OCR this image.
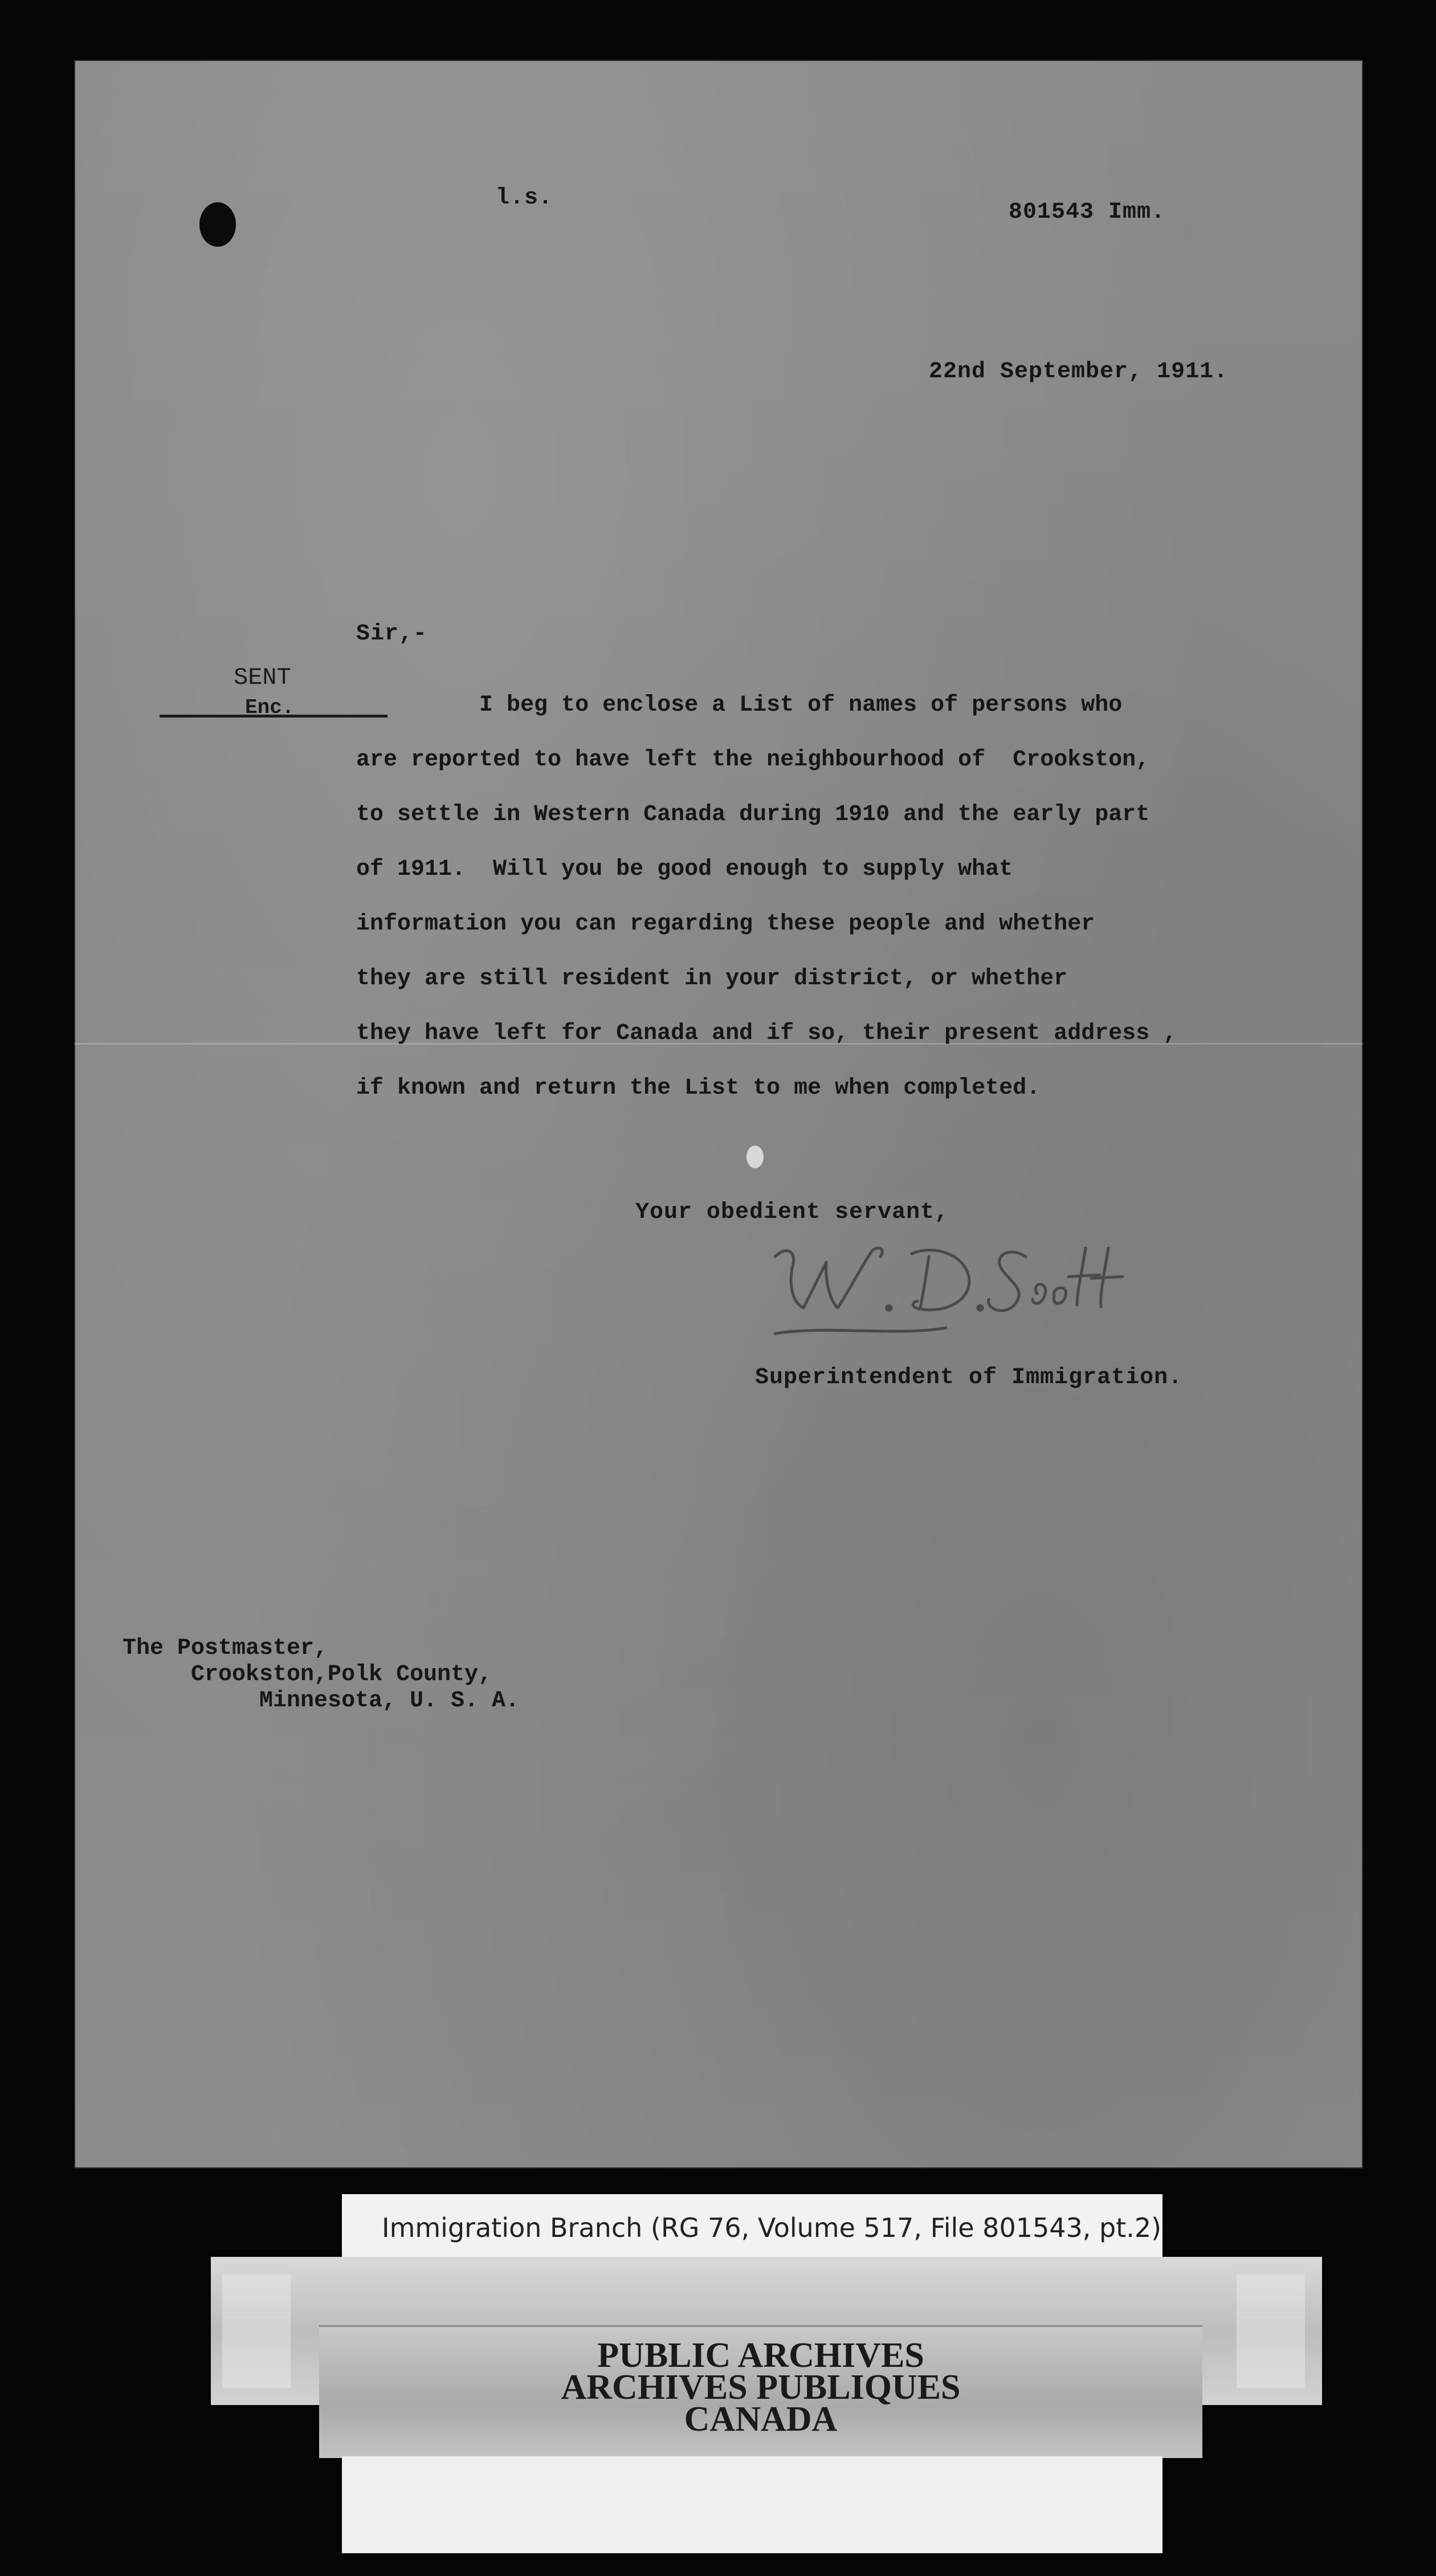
l.s.
801543 Imm.
22nd September, 1911.
Sir,-
SENT
Enc.	I beg to enclose a List of names of persons who
are reported to have left the neighbourhood of  Crookston,
to settle in Western Canada during 1910 and the early part
of 1911.  Will you be good enough to supply what
information you can regarding these people and whether
they are still resident in your district, or whether
they have left for Canada and if so, their present address ,
if known and return the List to me when completed.
Your obedient servant,
Superintendent of Immigration.
The Postmaster,
Crookston,Polk County,
Minnesota, U. S. A.
Immigration Branch (RG 76, Volume 517, File 801543, pt.2)
PUBLIC ARCHIVES
ARCHIVES PUBLIQUES
CANADA
